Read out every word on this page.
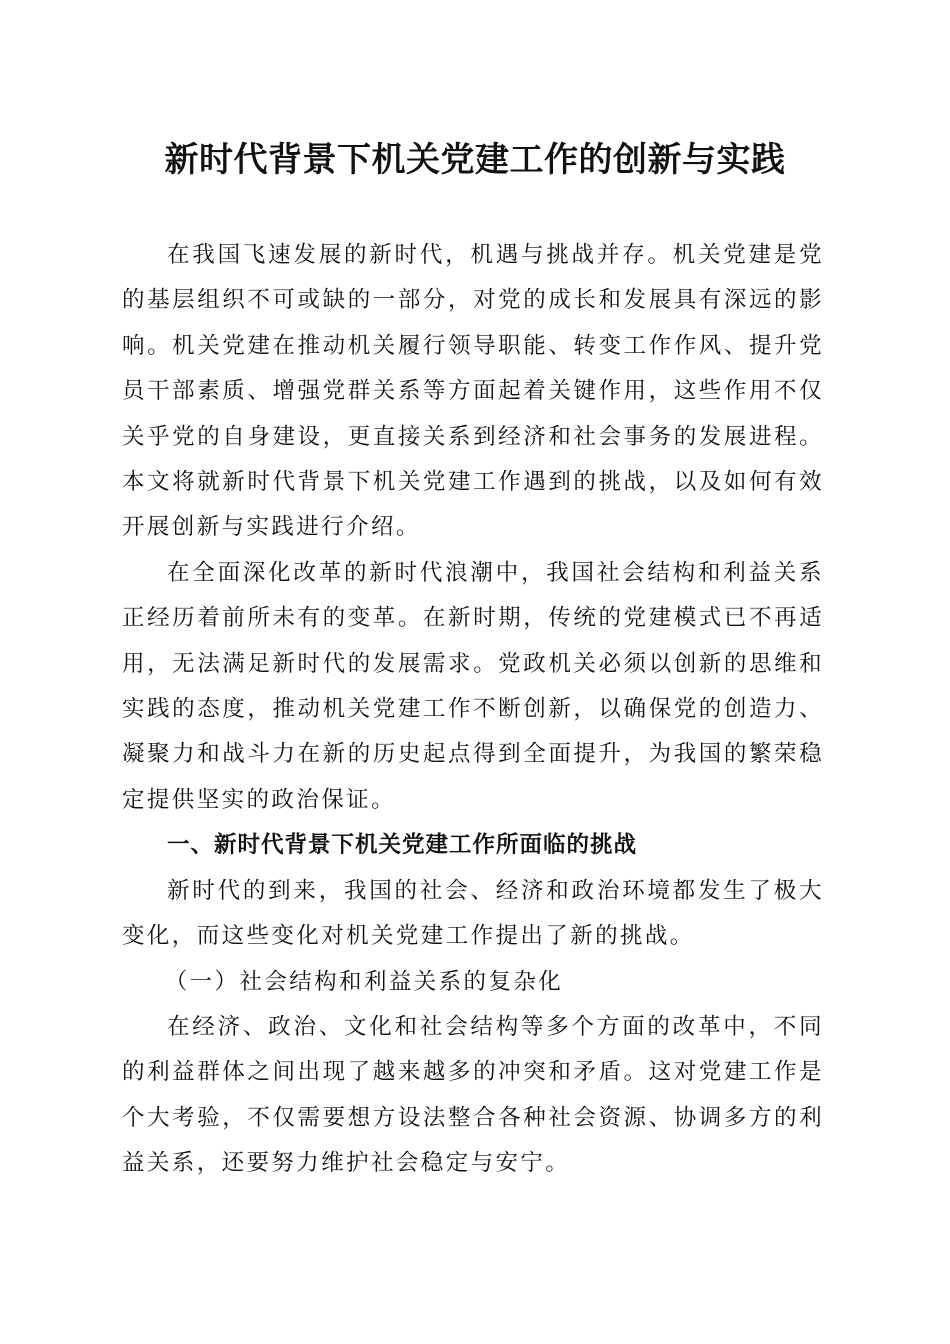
新时代背景下机关党建工作的创新与实践

在我国飞速发展的新时代，机遇与挑战并存。机关党建是党的基层组织不可或缺的一部分，对党的成长和发展具有深远的影响。机关党建在推动机关履行领导职能、转变工作作风、提升党员干部素质、增强党群关系等方面起着关键作用，这些作用不仅关乎党的自身建设，更直接关系到经济和社会事务的发展进程。本文将就新时代背景下机关党建工作遇到的挑战，以及如何有效开展创新与实践进行介绍。

在全面深化改革的新时代浪潮中，我国社会结构和利益关系正经历着前所未有的变革。在新时期，传统的党建模式已不再适用，无法满足新时代的发展需求。党政机关必须以创新的思维和实践的态度，推动机关党建工作不断创新，以确保党的创造力、凝聚力和战斗力在新的历史起点得到全面提升，为我国的繁荣稳定提供坚实的政治保证。

一、新时代背景下机关党建工作所面临的挑战

新时代的到来，我国的社会、经济和政治环境都发生了极大变化，而这些变化对机关党建工作提出了新的挑战。

（一）社会结构和利益关系的复杂化

在经济、政治、文化和社会结构等多个方面的改革中，不同的利益群体之间出现了越来越多的冲突和矛盾。这对党建工作是个大考验，不仅需要想方设法整合各种社会资源、协调多方的利益关系，还要努力维护社会稳定与安宁。
